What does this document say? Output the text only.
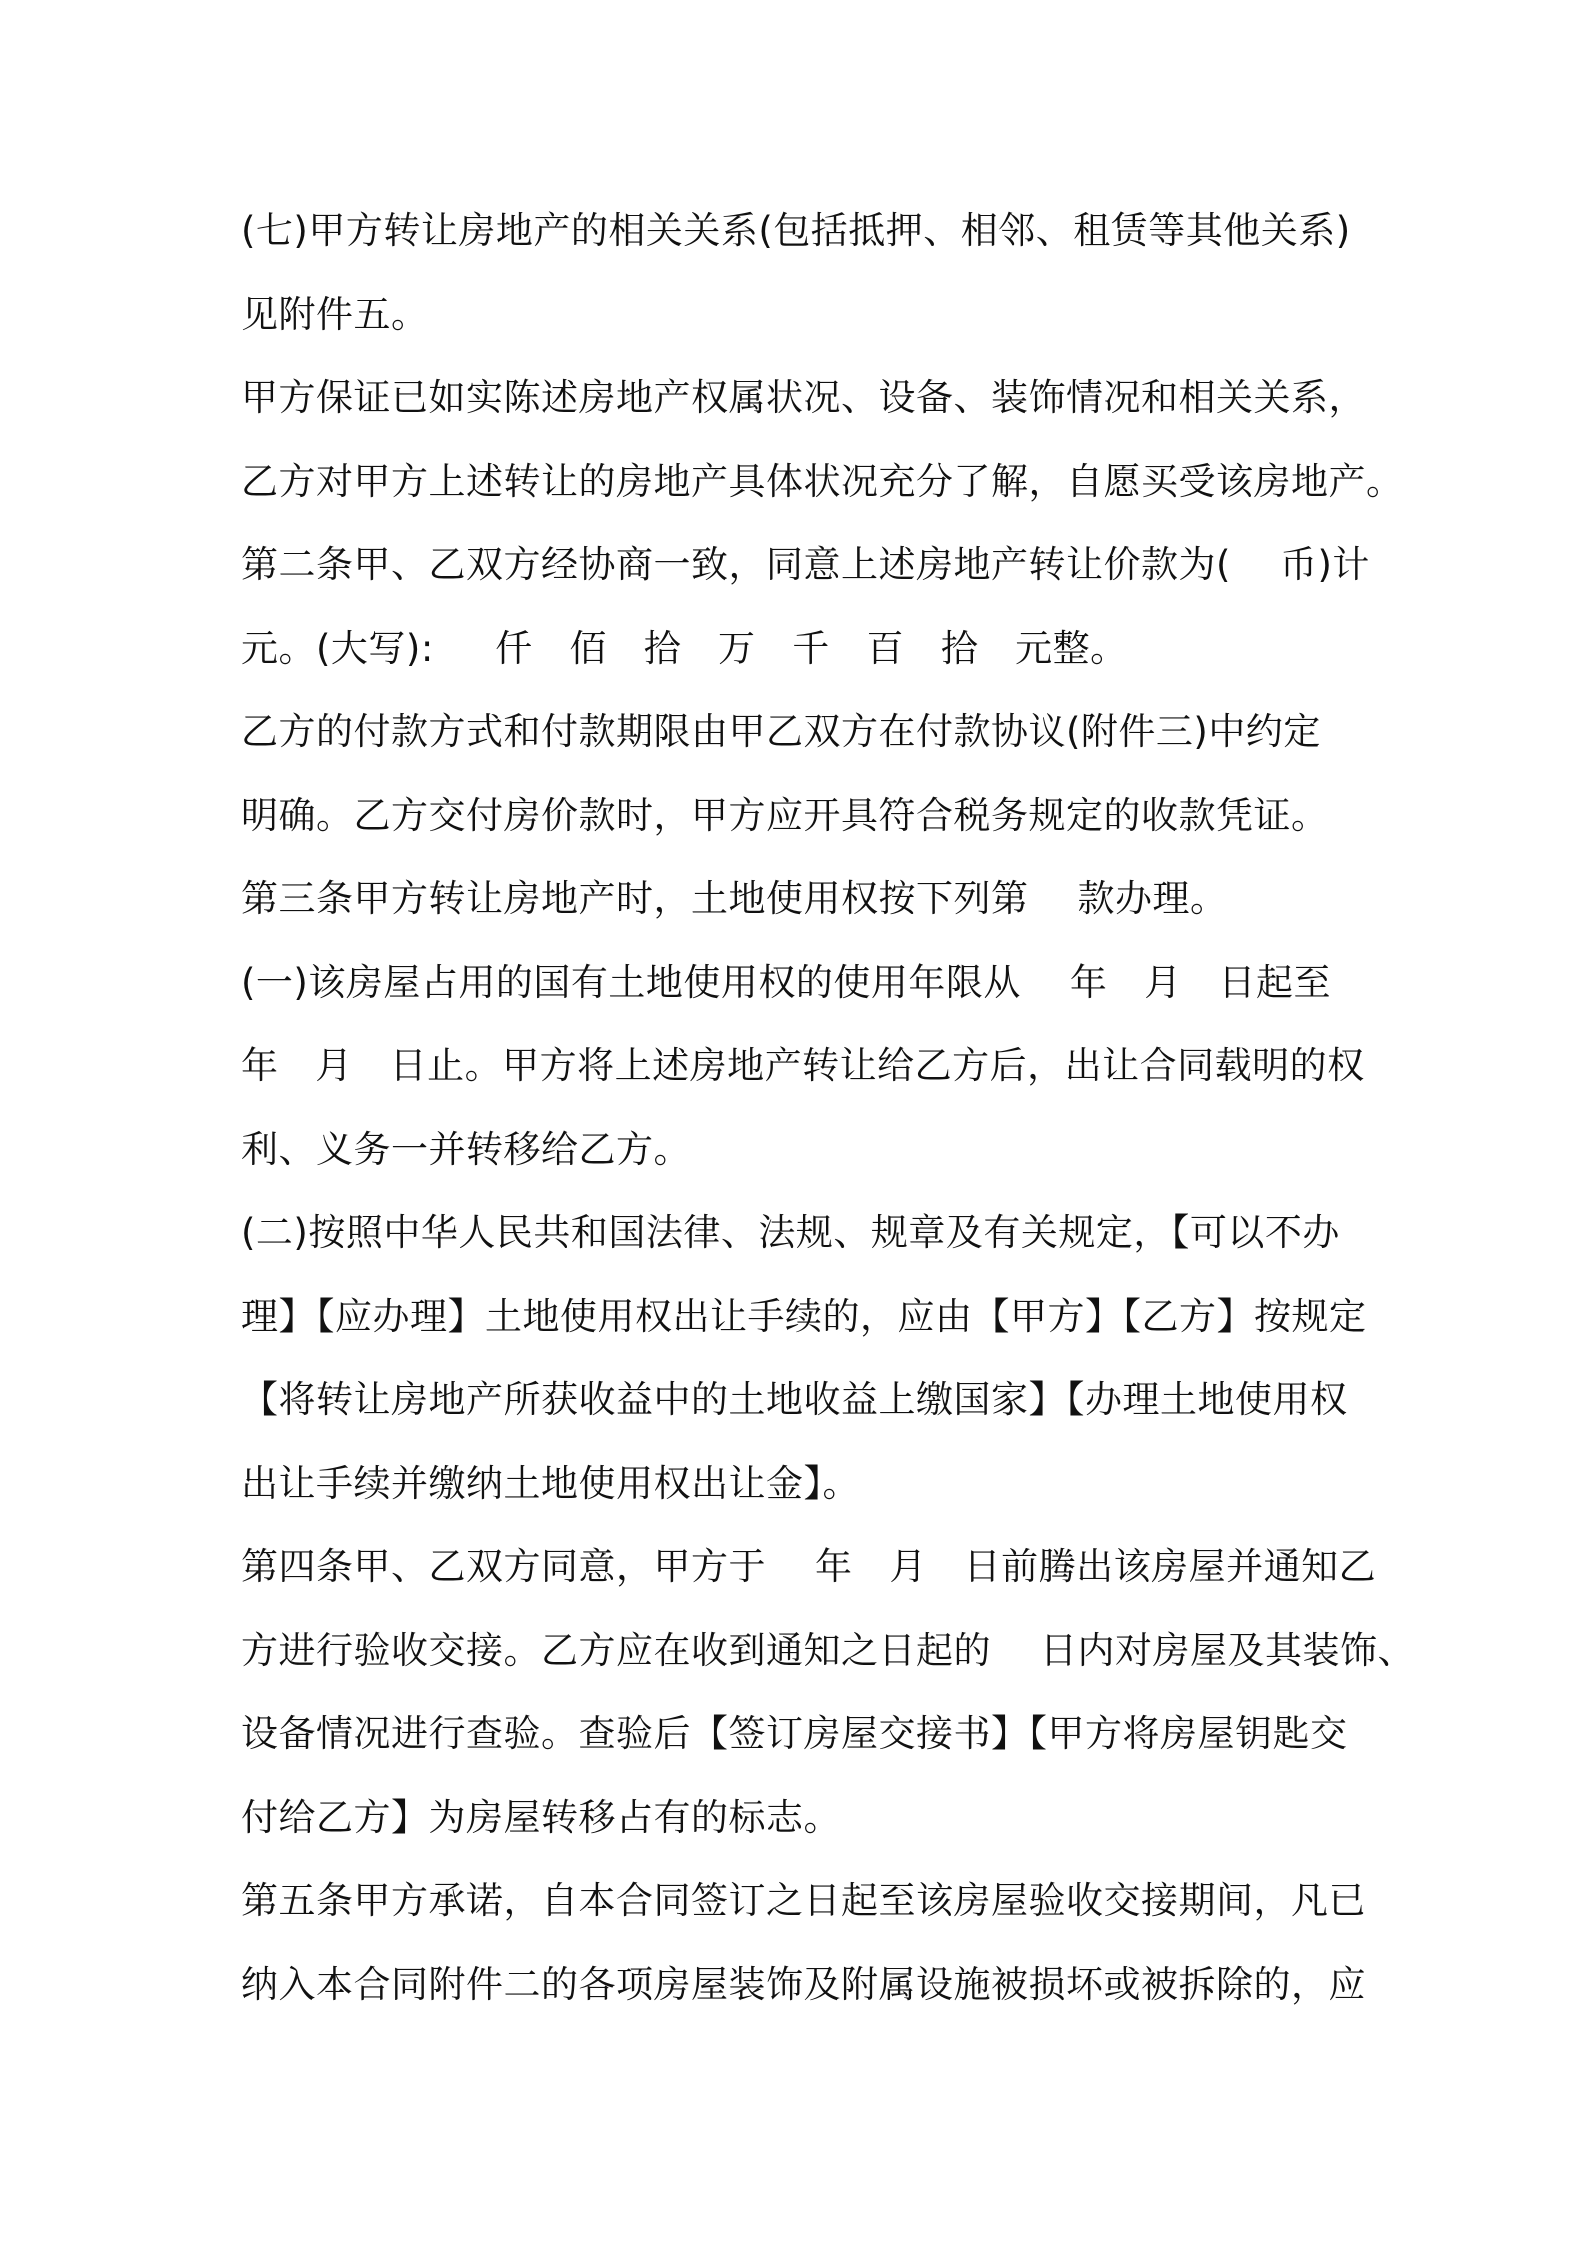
(七)甲方转让房地产的相关关系(包括抵押、相邻、租赁等其他关系)
见附件五。
甲方保证已如实陈述房地产权属状况、设备、装饰情况和相关关系，
乙方对甲方上述转让的房地产具体状况充分了解，自愿买受该房地产。
第二条甲、乙双方经协商一致，同意上述房地产转让价款为(    币)计
元。(大写):     仟   佰   拾   万   千   百   拾   元整。
乙方的付款方式和付款期限由甲乙双方在付款协议(附件三)中约定
明确。乙方交付房价款时，甲方应开具符合税务规定的收款凭证。
第三条甲方转让房地产时，土地使用权按下列第    款办理。
(一)该房屋占用的国有土地使用权的使用年限从    年   月   日起至
年   月   日止。甲方将上述房地产转让给乙方后，出让合同载明的权
利、义务一并转移给乙方。
(二)按照中华人民共和国法律、法规、规章及有关规定，【可以不办
理】【应办理】土地使用权出让手续的，应由【甲方】【乙方】按规定
【将转让房地产所获收益中的土地收益上缴国家】【办理土地使用权
出让手续并缴纳土地使用权出让金】。
第四条甲、乙双方同意，甲方于    年   月   日前腾出该房屋并通知乙
方进行验收交接。乙方应在收到通知之日起的    日内对房屋及其装饰、
设备情况进行查验。查验后【签订房屋交接书】【甲方将房屋钥匙交
付给乙方】为房屋转移占有的标志。
第五条甲方承诺，自本合同签订之日起至该房屋验收交接期间，凡已
纳入本合同附件二的各项房屋装饰及附属设施被损坏或被拆除的，应
